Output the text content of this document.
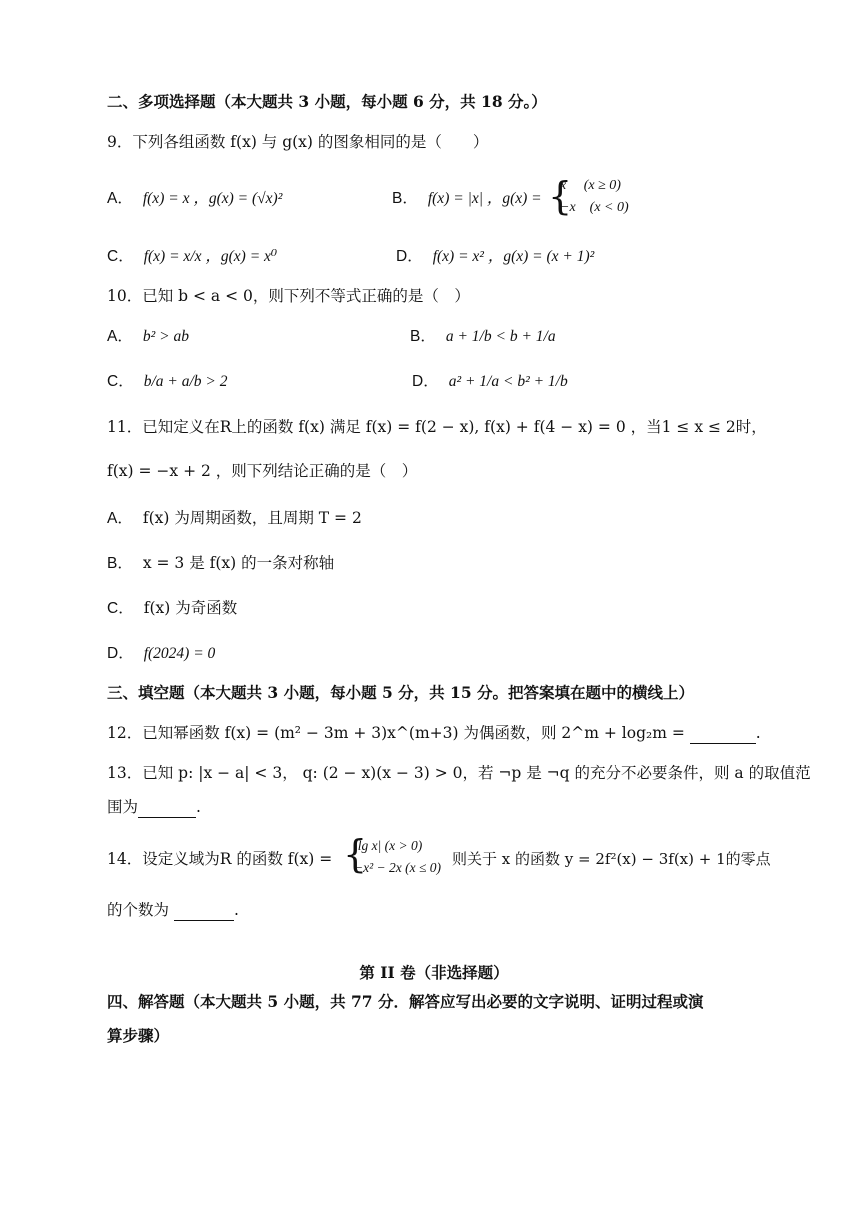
二、多项选择题（本大题共 3 小题，每小题 6 分，共 18 分。）
9．下列各组函数 f(x) 与 g(x) 的图象相同的是（　　）
A． f(x) = x ，g(x) = (√x)²	B． f(x) = |x| ，g(x) = {
x　 (x ≥ 0)
−x　(x < 0)
C． f(x) = x/x ，g(x) = x⁰	D． f(x) = x² ，g(x) = (x + 1)²
10．已知 b < a < 0，则下列不等式正确的是（　）
A． b² > ab	B． a + 1/b < b + 1/a
C． b/a + a/b > 2	D． a² + 1/a < b² + 1/b
11．已知定义在R上的函数 f(x) 满足 f(x) = f(2 − x), f(x) + f(4 − x) = 0 ，当1 ≤ x ≤ 2时，
f(x) = −x + 2 ，则下列结论正确的是（　）
A． f(x) 为周期函数，且周期 T = 2
B． x = 3 是 f(x) 的一条对称轴
C． f(x) 为奇函数
D． f(2024) = 0
三、填空题（本大题共 3 小题，每小题 5 分，共 15 分。把答案填在题中的横线上）
12．已知幂函数 f(x) = (m² − 3m + 3)x^(m+3) 为偶函数，则 2^m + log₂m =	.
13．已知 p: |x − a| < 3， q: (2 − x)(x − 3) > 0，若 ¬p 是 ¬q 的充分不必要条件，则 a 的取值范
围为	.
14．设定义域为R 的函数 f(x) = {
|lg x| (x > 0)
−x² − 2x (x ≤ 0) 则关于 x 的函数 y = 2f²(x) − 3f(x) + 1的零点
的个数为	.
第 II 卷（非选择题）
四、解答题（本大题共 5 小题，共 77 分．解答应写出必要的文字说明、证明过程或演
算步骤）
